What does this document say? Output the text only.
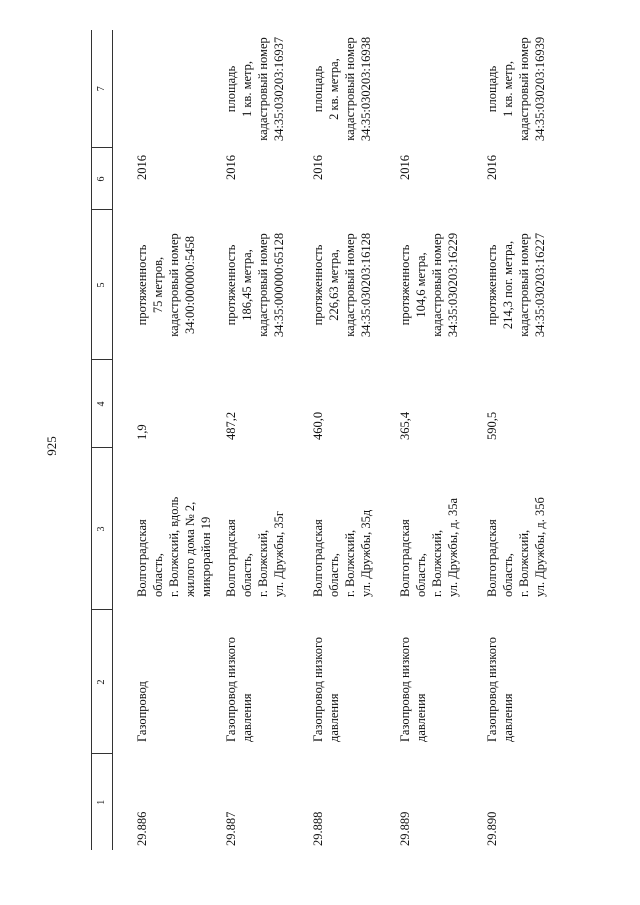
925
1	2	3	4	5	6	7
29.886	Газопровод	Волгоградская
область,
г. Волжский, вдоль
жилого дома № 2,
микрорайон 19	1,9	протяженность
75 метров,
кадастровый номер
34:00:000000:5458	2016	
29.887	Газопровод низкого
давления	Волгоградская
область,
г. Волжский,
ул. Дружбы, 35г	487,2	протяженность
186,45 метра,
кадастровый номер
34:35:000000:65128	2016	площадь
1 кв. метр,
кадастровый номер
34:35:030203:16937
29.888	Газопровод низкого
давления	Волгоградская
область,
г. Волжский,
ул. Дружбы, 35д	460,0	протяженность
226,63 метра,
кадастровый номер
34:35:030203:16128	2016	площадь
2 кв. метра,
кадастровый номер
34:35:030203:16938
29.889	Газопровод низкого
давления	Волгоградская
область,
г. Волжский,
ул. Дружбы, д. 35а	365,4	протяженность
104,6 метра,
кадастровый номер
34:35:030203:16229	2016	
29.890	Газопровод низкого
давления	Волгоградская
область,
г. Волжский,
ул. Дружбы, д. 35б	590,5	протяженность
214,3 пог. метра,
кадастровый номер
34:35:030203:16227	2016	площадь
1 кв. метр,
кадастровый номер
34:35:030203:16939
